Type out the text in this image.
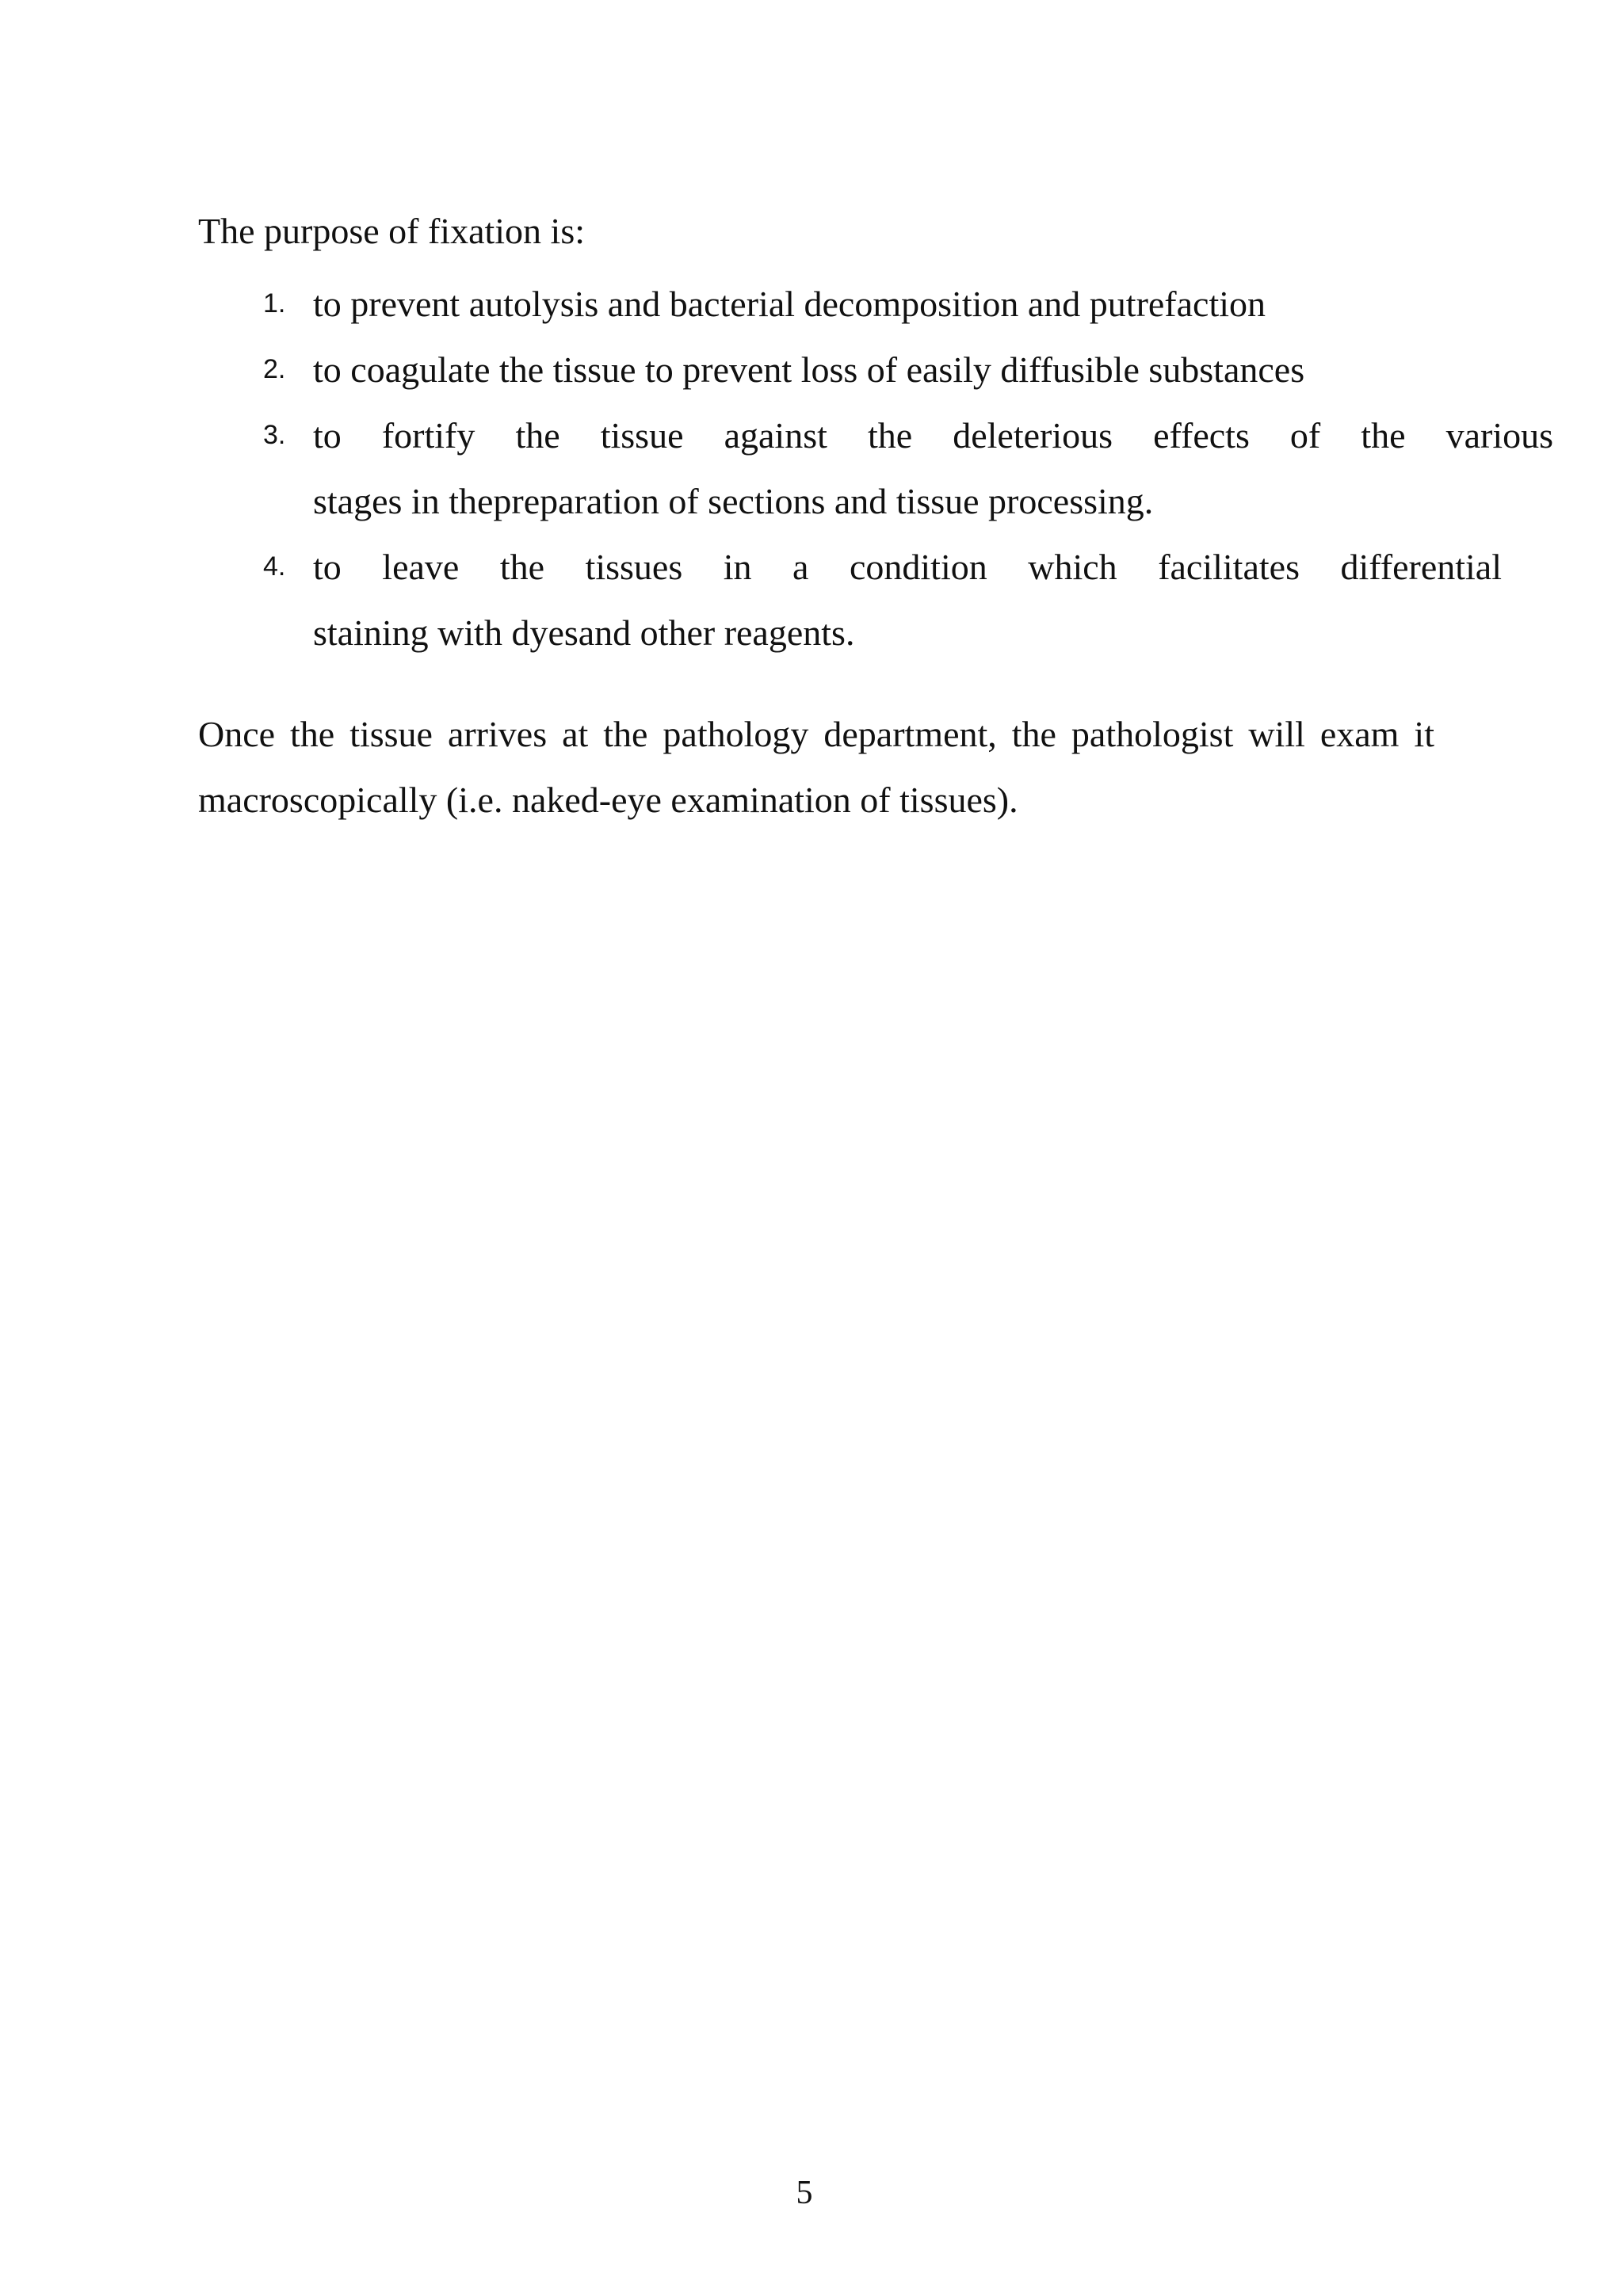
The purpose of fixation is:

1. to prevent autolysis and bacterial decomposition and putrefaction
2. to coagulate the tissue to prevent loss of easily diffusible substances
3. to fortify the tissue against the deleterious effects of the various
stages in thepreparation of sections and tissue processing.
4. to leave the tissues in a condition which facilitates differential
staining with dyesand other reagents.

Once the tissue arrives at the pathology department, the pathologist will exam it
macroscopically (i.e. naked-eye examination of tissues).

5
